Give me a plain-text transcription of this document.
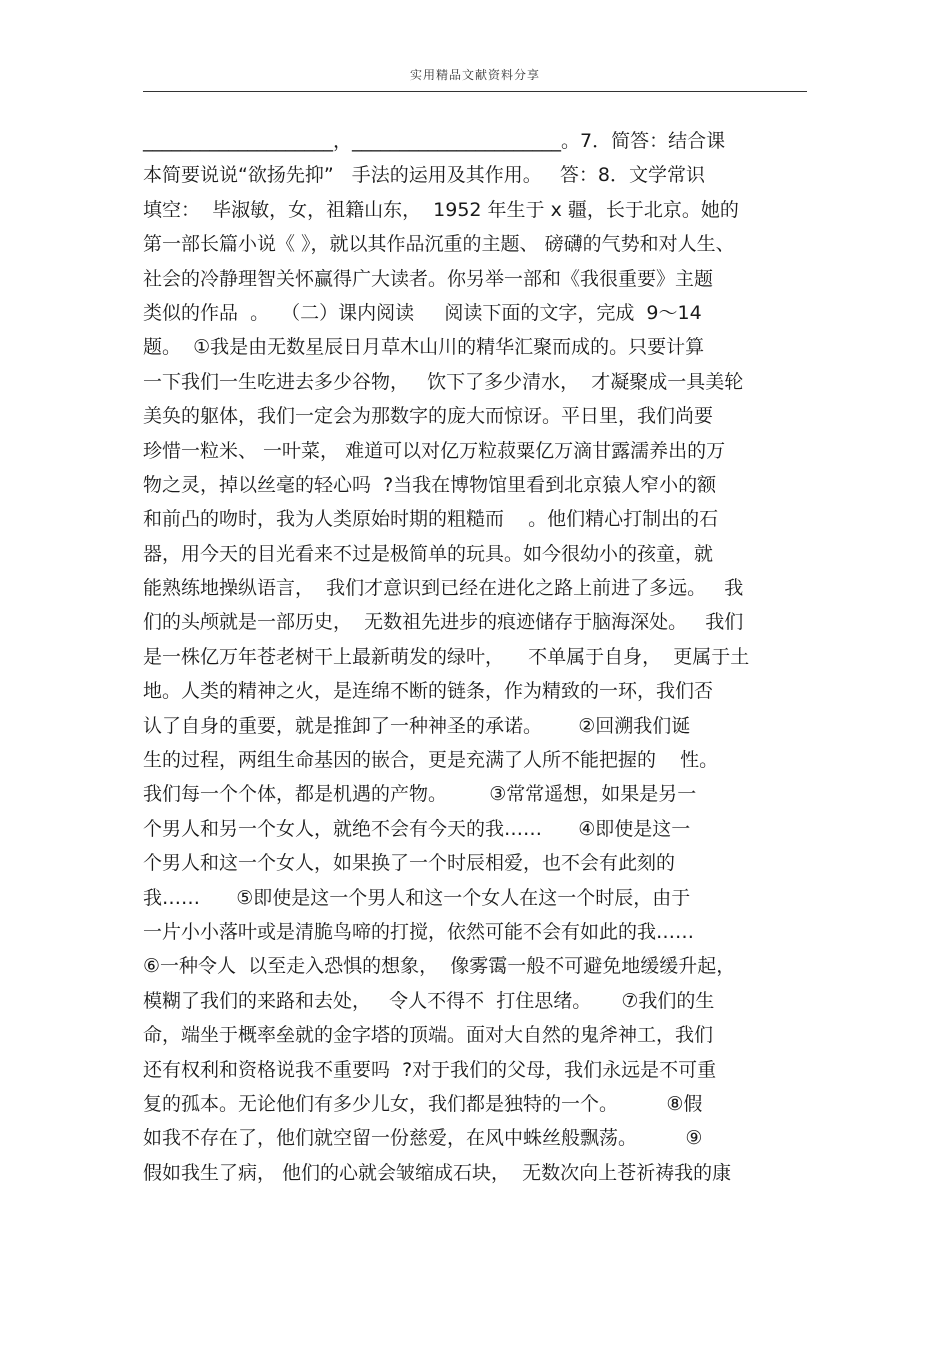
实用精品文献资料分享
____________________，______________________。7．简答：结合课
本简要说说“欲扬先抑”   手法的运用及其作用。   答：8．文学常识
填空：  毕淑敏，女，祖籍山东，  1952 年生于 x 疆，长于北京。她的
第一部长篇小说《 》，就以其作品沉重的主题、 磅礴的气势和对人生、
社会的冷静理智关怀赢得广大读者。你另举一部和《我很重要》主题
类似的作品  。  （二）课内阅读     阅读下面的文字，完成  9～14
题。  ①我是由无数星辰日月草木山川的精华汇聚而成的。只要计算
一下我们一生吃进去多少谷物，   饮下了多少清水，  才凝聚成一具美轮
美奂的躯体，我们一定会为那数字的庞大而惊讶。平日里，我们尚要
珍惜一粒米、 一叶菜， 难道可以对亿万粒菽粟亿万滴甘露濡养出的万
物之灵，掉以丝毫的轻心吗  ?当我在博物馆里看到北京猿人窄小的额
和前凸的吻时，我为人类原始时期的粗糙而    。他们精心打制出的石
器，用今天的目光看来不过是极简单的玩具。如今很幼小的孩童，就
能熟练地操纵语言，  我们才意识到已经在进化之路上前进了多远。   我
们的头颅就是一部历史，  无数祖先进步的痕迹储存于脑海深处。   我们
是一株亿万年苍老树干上最新萌发的绿叶，    不单属于自身，  更属于土
地。人类的精神之火，是连绵不断的链条，作为精致的一环，我们否
认了自身的重要，就是推卸了一种神圣的承诺。      ②回溯我们诞
生的过程，两组生命基因的嵌合，更是充满了人所不能把握的    性。
我们每一个个体，都是机遇的产物。       ③常常遥想，如果是另一
个男人和另一个女人，就绝不会有今天的我……      ④即使是这一
个男人和这一个女人，如果换了一个时辰相爱，也不会有此刻的
我……      ⑤即使是这一个男人和这一个女人在这一个时辰，由于
一片小小落叶或是清脆鸟啼的打搅，依然可能不会有如此的我……
⑥一种令人  以至走入恐惧的想象，  像雾霭一般不可避免地缓缓升起，
模糊了我们的来路和去处，   令人不得不  打住思绪。     ⑦我们的生
命，端坐于概率垒就的金字塔的顶端。面对大自然的鬼斧神工，我们
还有权利和资格说我不重要吗  ?对于我们的父母，我们永远是不可重
复的孤本。无论他们有多少儿女，我们都是独特的一个。        ⑧假
如我不存在了，他们就空留一份慈爱，在风中蛛丝般飘荡。        ⑨
假如我生了病， 他们的心就会皱缩成石块，  无数次向上苍祈祷我的康
